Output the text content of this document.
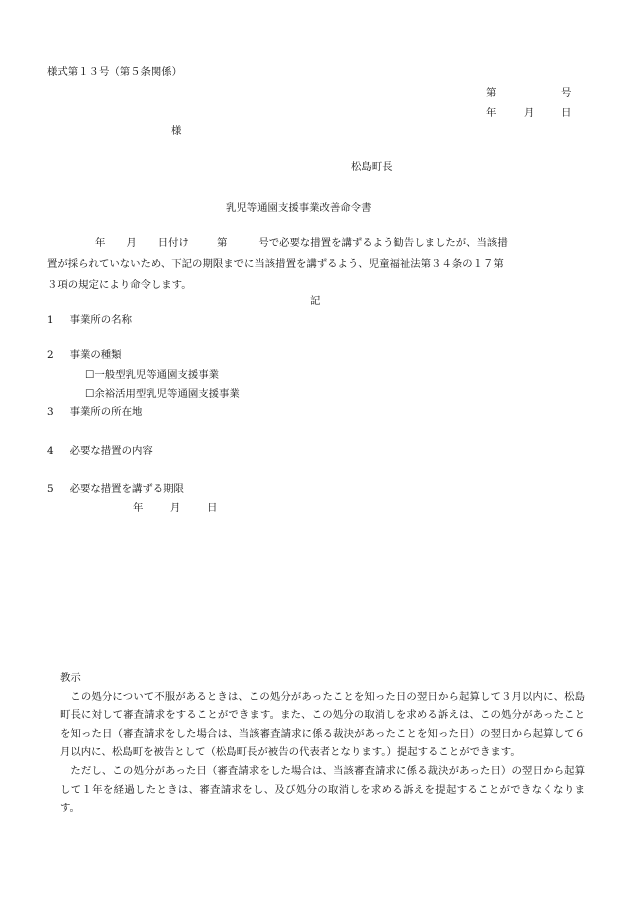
様式第１３号（第５条関係）
第	号
年	月	日
様
松島町長
乳児等通園支援事業改善命令書
年 月 日付け	第	号で必要な措置を講ずるよう勧告しましたが、当該措
置が採られていないため、下記の期限までに当該措置を講ずるよう、児童福祉法第３４条の１７第
３項の規定により命令します。
記
1 事業所の名称
2 事業の種類
☐一般型乳児等通園支援事業
☐余裕活用型乳児等通園支援事業
3 事業所の所在地
4 必要な措置の内容
5 必要な措置を講ずる期限
年	月	日
教示

この処分について不服があるときは、この処分があったことを知った日の翌日から起算して３月以内に、松島町長に対して審査請求をすることができます。また、この処分の取消しを求める訴えは、この処分があったことを知った日（審査請求をした場合は、当該審査請求に係る裁決があったことを知った日）の翌日から起算して６月以内に、松島町を被告として（松島町長が被告の代表者となります。）提起することができます。

ただし、この処分があった日（審査請求をした場合は、当該審査請求に係る裁決があった日）の翌日から起算して１年を経過したときは、審査請求をし、及び処分の取消しを求める訴えを提起することができなくなります。
